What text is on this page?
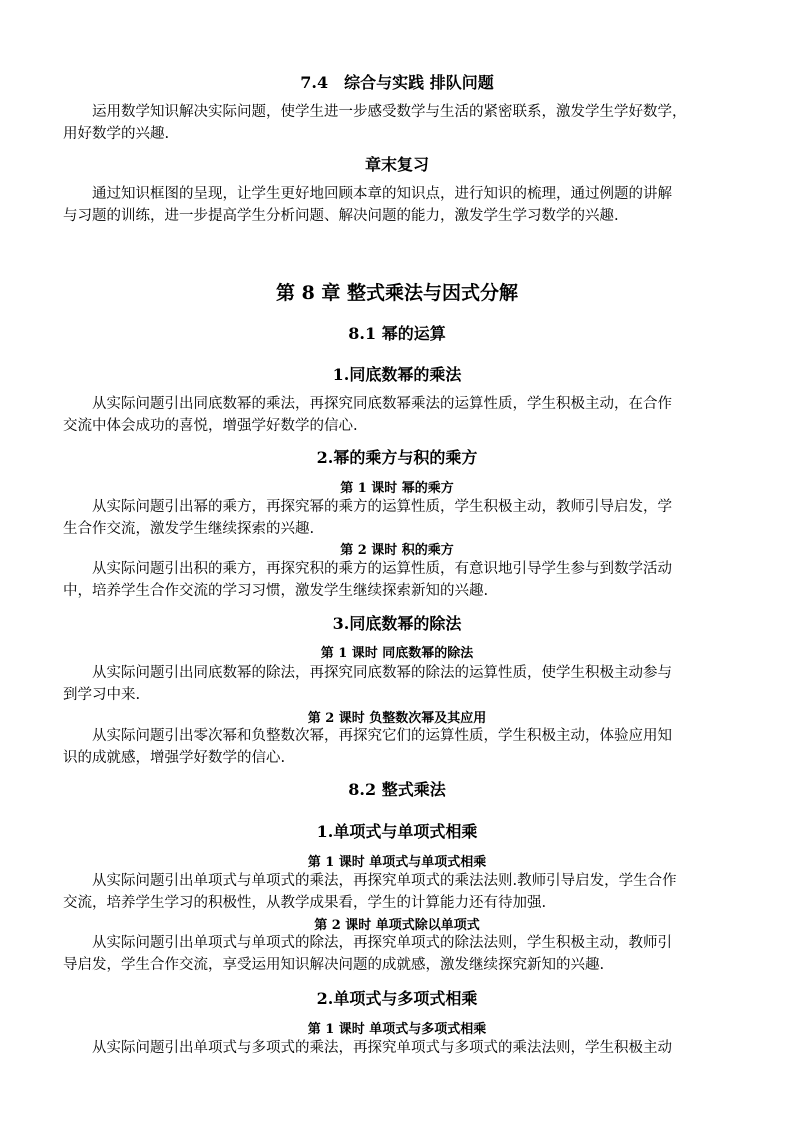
7.4　综合与实践 排队问题
运用数学知识解决实际问题，使学生进一步感受数学与生活的紧密联系，激发学生学好数学，
用好数学的兴趣.
章末复习
通过知识框图的呈现，让学生更好地回顾本章的知识点，进行知识的梳理，通过例题的讲解
与习题的训练，进一步提高学生分析问题、解决问题的能力，激发学生学习数学的兴趣.
第 8 章 整式乘法与因式分解
8.1 幂的运算
1.同底数幂的乘法
从实际问题引出同底数幂的乘法，再探究同底数幂乘法的运算性质，学生积极主动，在合作
交流中体会成功的喜悦，增强学好数学的信心.
2.幂的乘方与积的乘方
第 1 课时 幂的乘方
从实际问题引出幂的乘方，再探究幂的乘方的运算性质，学生积极主动，教师引导启发，学
生合作交流，激发学生继续探索的兴趣.
第 2 课时 积的乘方
从实际问题引出积的乘方，再探究积的乘方的运算性质，有意识地引导学生参与到数学活动
中，培养学生合作交流的学习习惯，激发学生继续探索新知的兴趣.
3.同底数幂的除法
第 1 课时 同底数幂的除法
从实际问题引出同底数幂的除法，再探究同底数幂的除法的运算性质，使学生积极主动参与
到学习中来.
第 2 课时 负整数次幂及其应用
从实际问题引出零次幂和负整数次幂，再探究它们的运算性质，学生积极主动，体验应用知
识的成就感，增强学好数学的信心.
8.2 整式乘法
1.单项式与单项式相乘
第 1 课时 单项式与单项式相乘
从实际问题引出单项式与单项式的乘法，再探究单项式的乘法法则.教师引导启发，学生合作
交流，培养学生学习的积极性，从教学成果看，学生的计算能力还有待加强.
第 2 课时 单项式除以单项式
从实际问题引出单项式与单项式的除法，再探究单项式的除法法则，学生积极主动，教师引
导启发，学生合作交流，享受运用知识解决问题的成就感，激发继续探究新知的兴趣.
2.单项式与多项式相乘
第 1 课时 单项式与多项式相乘
从实际问题引出单项式与多项式的乘法，再探究单项式与多项式的乘法法则，学生积极主动
